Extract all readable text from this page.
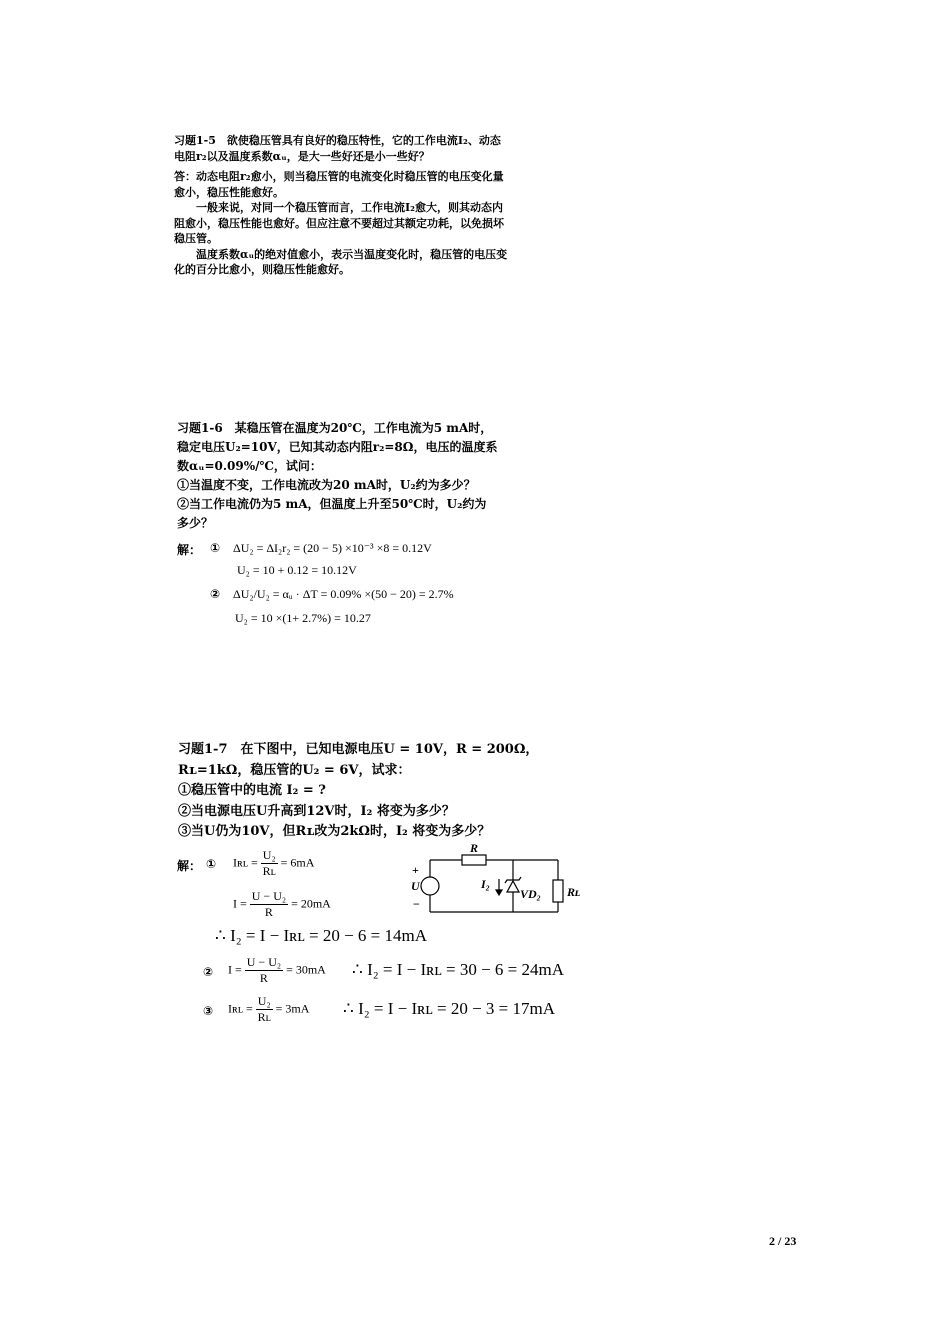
习题1-5　欲使稳压管具有良好的稳压特性，它的工作电流I₂、动态电阻r₂以及温度系数αᵤ，是大一些好还是小一些好？
答：动态电阻r₂愈小，则当稳压管的电流变化时稳压管的电压变化量愈小，稳压性能愈好。
一般来说，对同一个稳压管而言，工作电流I₂愈大，则其动态内阻愈小，稳压性能也愈好。但应注意不要超过其额定功耗，以免损坏稳压管。
温度系数αᵤ的绝对值愈小，表示当温度变化时，稳压管的电压变化的百分比愈小，则稳压性能愈好。
习题1-6　某稳压管在温度为20℃，工作电流为5 mA时，
稳定电压U₂=10V，已知其动态内阻r₂=8Ω，电压的温度系
数αᵤ=0.09%/℃，试问：
①当温度不变，工作电流改为20 mA时，U₂约为多少？
②当工作电流仍为5 mA，但温度上升至50℃时，U₂约为
多少？
解： ① ΔU₂ = ΔI₂r₂ = (20 − 5) ×10⁻³ ×8 = 0.12V
U₂ = 10 + 0.12 = 10.12V
② ΔU₂/U₂ = αᵤ · ΔT = 0.09% ×(50 − 20) = 2.7%
U₂ = 10 ×(1+ 2.7%) = 10.27
习题1-7　在下图中，已知电源电压U = 10V，R = 200Ω，
Rʟ=1kΩ，稳压管的U₂ = 6V，试求：
①稳压管中的电流 I₂ = ?
②当电源电压U升高到12V时，I₂ 将变为多少？
③当U仍为10V，但Rʟ改为2kΩ时，I₂ 将变为多少？
解： ① Iʀʟ = $\frac{\text{U₂}}{\text{Rʟ}} = 6mA$
$I = \frac{\text{U − U₂}}{R} = 20mA$
∴ I₂ = I − Iʀʟ = 20 − 6 = 14mA
② $I = \frac{\text{U − U₂}}{R} = 30mA$ ∴ I₂ = I − Iʀʟ = 30 − 6 = 24mA
③ Iʀʟ = $\frac{\text{U₂}}{\text{Rʟ}} = 3mA$ ∴ I₂ = I − Iʀʟ = 20 − 3 = 17mA
R
+
U
−
I₂
VD₂ Rʟ
2 / 23
